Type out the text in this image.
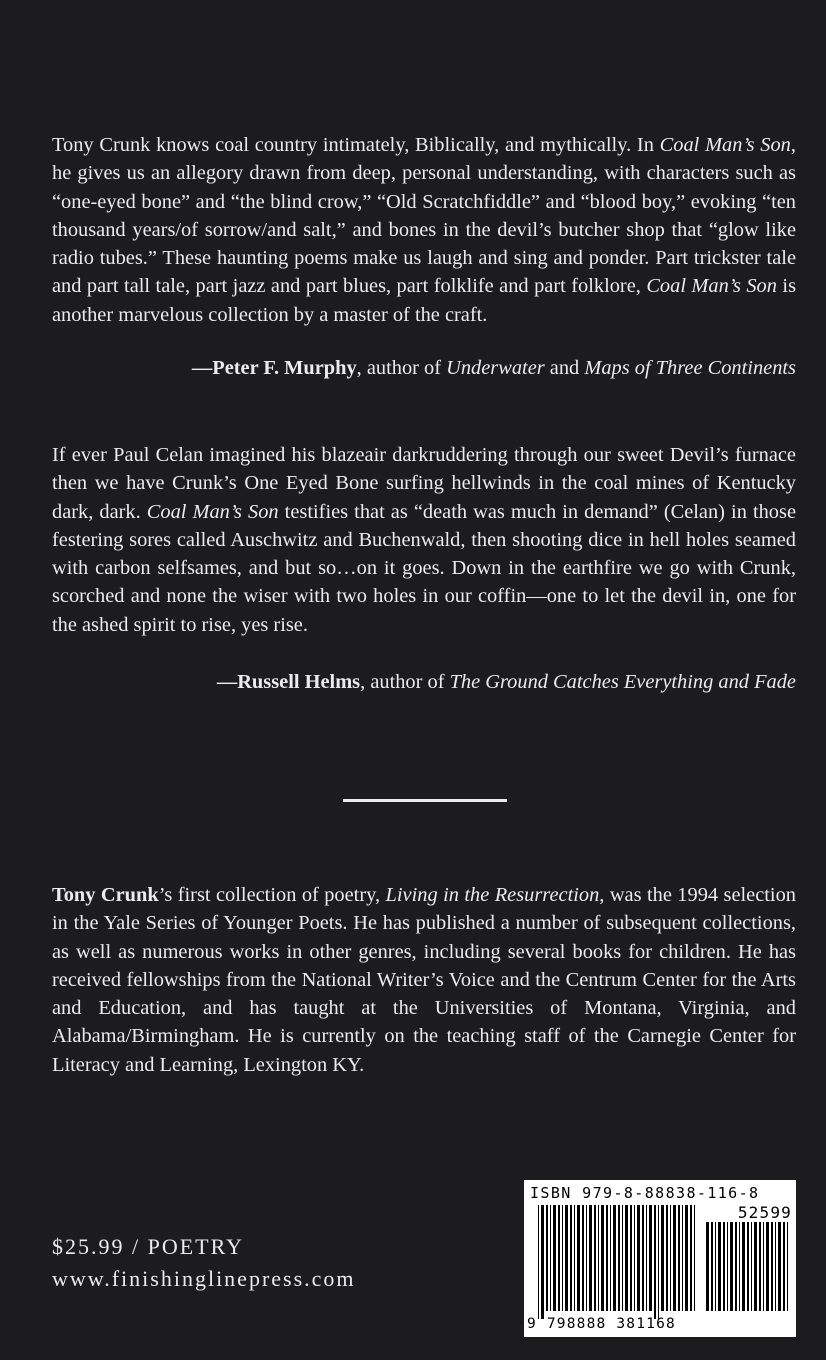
Tony Crunk knows coal country intimately, Biblically, and mythically. In Coal Man’s Son, he gives us an allegory drawn from deep, personal understanding, with characters such as “one-eyed bone” and “the blind crow,” “Old Scratchfiddle” and “blood boy,” evoking “ten thousand years/of sorrow/and salt,” and bones in the devil’s butcher shop that “glow like radio tubes.” These haunting poems make us laugh and sing and ponder. Part trickster tale and part tall tale, part jazz and part blues, part folklife and part folklore, Coal Man’s Son is another marvelous collection by a master of the craft.

—Peter F. Murphy, author of Underwater and Maps of Three Continents

If ever Paul Celan imagined his blazeair darkruddering through our sweet Devil’s furnace then we have Crunk’s One Eyed Bone surfing hellwinds in the coal mines of Kentucky dark, dark. Coal Man’s Son testifies that as “death was much in demand” (Celan) in those festering sores called Auschwitz and Buchenwald, then shooting dice in hell holes seamed with carbon selfsames, and but so…on it goes. Down in the earthfire we go with Crunk, scorched and none the wiser with two holes in our coffin—one to let the devil in, one for the ashed spirit to rise, yes rise.

—Russell Helms, author of The Ground Catches Everything and Fade

Tony Crunk’s first collection of poetry, Living in the Resurrection, was the 1994 selection in the Yale Series of Younger Poets. He has published a number of subsequent collections, as well as numerous works in other genres, including several books for children. He has received fellowships from the National Writer’s Voice and the Centrum Center for the Arts and Education, and has taught at the Universities of Montana, Virginia, and Alabama/Birmingham. He is currently on the teaching staff of the Carnegie Center for Literacy and Learning, Lexington KY.

$25.99 / POETRY

www.finishinglinepress.com

ISBN 979-8-88838-116-8
52599
9 798888 381168
